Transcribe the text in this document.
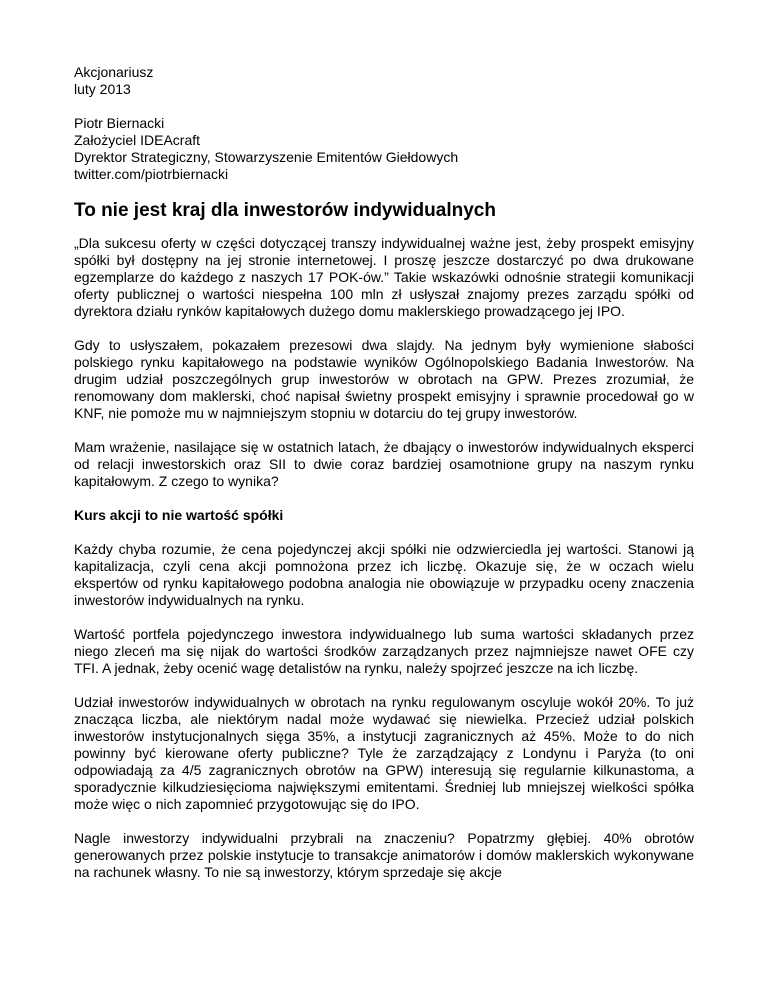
Akcjonariusz

luty 2013

Piotr Biernacki

Założyciel IDEAcraft

Dyrektor Strategiczny, Stowarzyszenie Emitentów Giełdowych

twitter.com/piotrbiernacki

To nie jest kraj dla inwestorów indywidualnych

„Dla sukcesu oferty w części dotyczącej transzy indywidualnej ważne jest, żeby prospekt emisyjny spółki był dostępny na jej stronie internetowej. I proszę jeszcze dostarczyć po dwa drukowane egzemplarze do każdego z naszych 17 POK-ów.” Takie wskazówki odnośnie strategii komunikacji oferty publicznej o wartości niespełna 100 mln zł usłyszał znajomy prezes zarządu spółki od dyrektora działu rynków kapitałowych dużego domu maklerskiego prowadzącego jej IPO.

Gdy to usłyszałem, pokazałem prezesowi dwa slajdy. Na jednym były wymienione słabości polskiego rynku kapitałowego na podstawie wyników Ogólnopolskiego Badania Inwestorów. Na drugim udział poszczególnych grup inwestorów w obrotach na GPW. Prezes zrozumiał, że renomowany dom maklerski, choć napisał świetny prospekt emisyjny i sprawnie procedował go w KNF, nie pomoże mu w najmniejszym stopniu w dotarciu do tej grupy inwestorów.

Mam wrażenie, nasilające się w ostatnich latach, że dbający o inwestorów indywidualnych eksperci od relacji inwestorskich oraz SII to dwie coraz bardziej osamotnione grupy na naszym rynku kapitałowym. Z czego to wynika?

Kurs akcji to nie wartość spółki

Każdy chyba rozumie, że cena pojedynczej akcji spółki nie odzwierciedla jej wartości. Stanowi ją kapitalizacja, czyli cena akcji pomnożona przez ich liczbę. Okazuje się, że w oczach wielu ekspertów od rynku kapitałowego podobna analogia nie obowiązuje w przypadku oceny znaczenia inwestorów indywidualnych na rynku.

Wartość portfela pojedynczego inwestora indywidualnego lub suma wartości składanych przez niego zleceń ma się nijak do wartości środków zarządzanych przez najmniejsze nawet OFE czy TFI. A jednak, żeby ocenić wagę detalistów na rynku, należy spojrzeć jeszcze na ich liczbę.

Udział inwestorów indywidualnych w obrotach na rynku regulowanym oscyluje wokół 20%. To już znacząca liczba, ale niektórym nadal może wydawać się niewielka. Przecież udział polskich inwestorów instytucjonalnych sięga 35%, a instytucji zagranicznych aż 45%. Może to do nich powinny być kierowane oferty publiczne? Tyle że zarządzający z Londynu i Paryża (to oni odpowiadają za 4/5 zagranicznych obrotów na GPW) interesują się regularnie kilkunastoma, a sporadycznie kilkudziesięcioma największymi emitentami. Średniej lub mniejszej wielkości spółka może więc o nich zapomnieć przygotowując się do IPO.

Nagle inwestorzy indywidualni przybrali na znaczeniu? Popatrzmy głębiej. 40% obrotów generowanych przez polskie instytucje to transakcje animatorów i domów maklerskich wykonywane na rachunek własny. To nie są inwestorzy, którym sprzedaje się akcje
